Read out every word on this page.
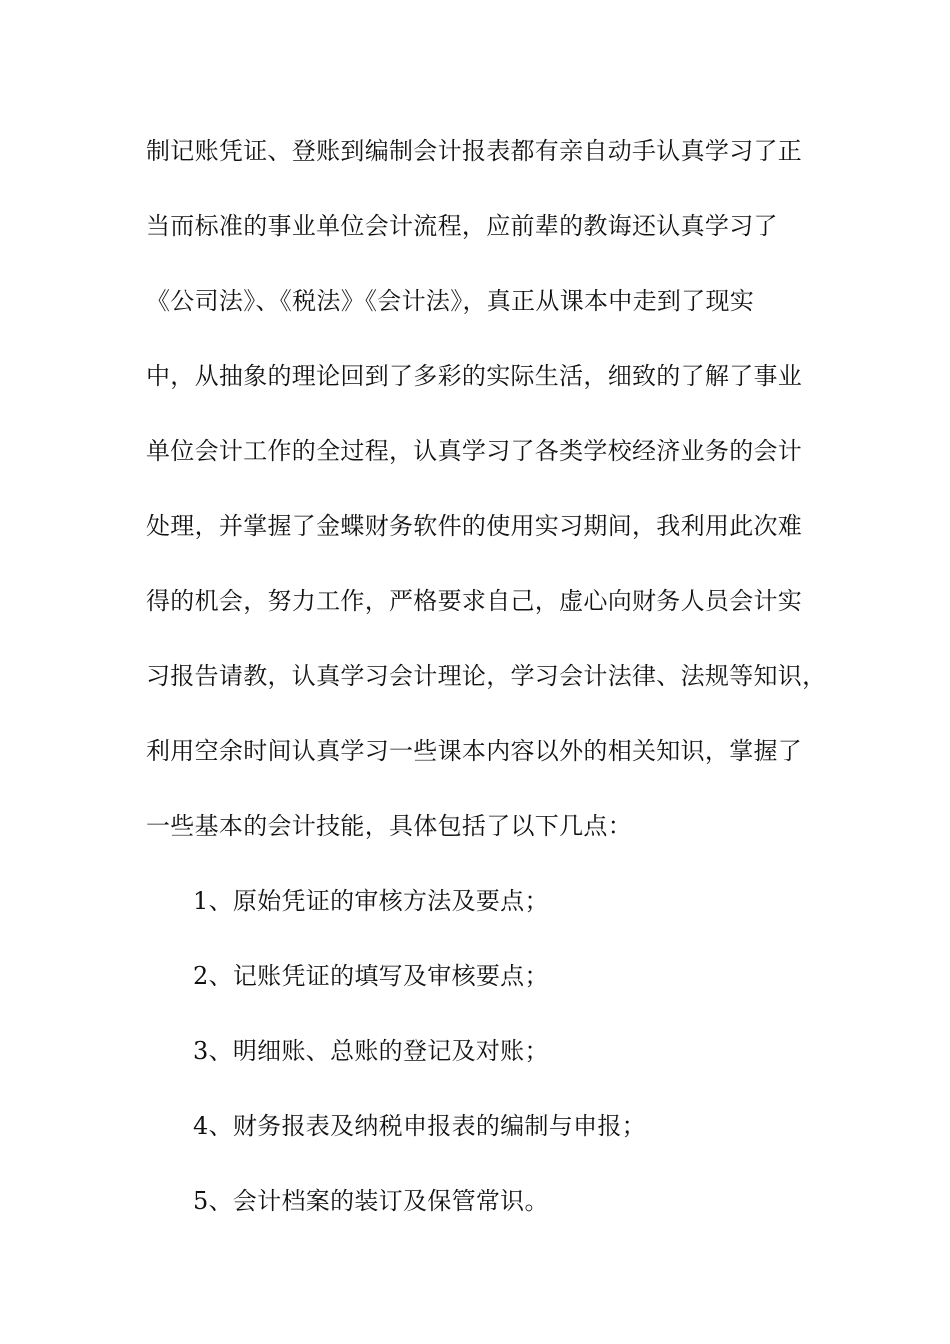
制记账凭证、登账到编制会计报表都有亲自动手认真学习了正
当而标准的事业单位会计流程，应前辈的教诲还认真学习了
《公司法》、《税法》《会计法》，真正从课本中走到了现实
中，从抽象的理论回到了多彩的实际生活，细致的了解了事业
单位会计工作的全过程，认真学习了各类学校经济业务的会计
处理，并掌握了金蝶财务软件的使用实习期间，我利用此次难
得的机会，努力工作，严格要求自己，虚心向财务人员会计实
习报告请教，认真学习会计理论，学习会计法律、法规等知识，
利用空余时间认真学习一些课本内容以外的相关知识，掌握了
一些基本的会计技能，具体包括了以下几点：
1、原始凭证的审核方法及要点；
2、记账凭证的填写及审核要点；
3、明细账、总账的登记及对账；
4、财务报表及纳税申报表的编制与申报；
5、会计档案的装订及保管常识。
